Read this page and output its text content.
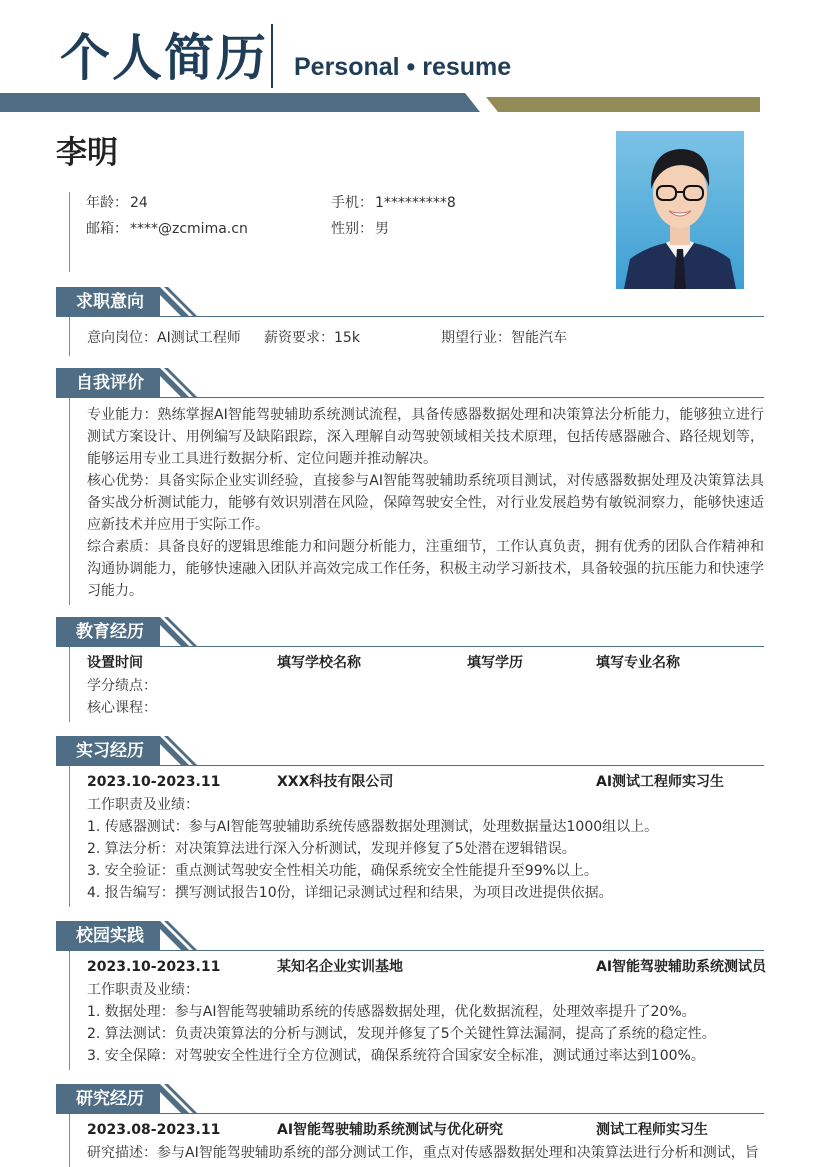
个人简历 Personal • resume
李明
年龄： 24	手机： 1*********8
邮箱： ****@zcmima.cn	性别： 男
求职意向
意向岗位：AI测试工程师 薪资要求：15k	期望行业：智能汽车
自我评价

专业能力：熟练掌握AI智能驾驶辅助系统测试流程，具备传感器数据处理和决策算法分析能力，能够独立进行测试方案设计、用例编写及缺陷跟踪，深入理解自动驾驶领域相关技术原理，包括传感器融合、路径规划等，能够运用专业工具进行数据分析、定位问题并推动解决。

核心优势：具备实际企业实训经验，直接参与AI智能驾驶辅助系统项目测试，对传感器数据处理及决策算法具备实战分析测试能力，能够有效识别潜在风险，保障驾驶安全性，对行业发展趋势有敏锐洞察力，能够快速适应新技术并应用于实际工作。

综合素质：具备良好的逻辑思维能力和问题分析能力，注重细节，工作认真负责，拥有优秀的团队合作精神和沟通协调能力，能够快速融入团队并高效完成工作任务，积极主动学习新技术，具备较强的抗压能力和快速学习能力。

教育经历
设置时间	填写学校名称	填写学历	填写专业名称
学分绩点：
核心课程：
实习经历
2023.10-2023.11	XXX科技有限公司	AI测试工程师实习生
工作职责及业绩：
1. 传感器测试：参与AI智能驾驶辅助系统传感器数据处理测试，处理数据量达1000组以上。
2. 算法分析：对决策算法进行深入分析测试，发现并修复了5处潜在逻辑错误。
3. 安全验证：重点测试驾驶安全性相关功能，确保系统安全性能提升至99%以上。
4. 报告编写：撰写测试报告10份，详细记录测试过程和结果，为项目改进提供依据。
校园实践
2023.10-2023.11	某知名企业实训基地	AI智能驾驶辅助系统测试员
工作职责及业绩：
1. 数据处理：参与AI智能驾驶辅助系统的传感器数据处理，优化数据流程，处理效率提升了20%。
2. 算法测试：负责决策算法的分析与测试，发现并修复了5个关键性算法漏洞，提高了系统的稳定性。
3. 安全保障：对驾驶安全性进行全方位测试，确保系统符合国家安全标准，测试通过率达到100%。
研究经历
2023.08-2023.11	AI智能驾驶辅助系统测试与优化研究	测试工程师实习生
研究描述：参与AI智能驾驶辅助系统的部分测试工作，重点对传感器数据处理和决策算法进行分析和测试，旨
